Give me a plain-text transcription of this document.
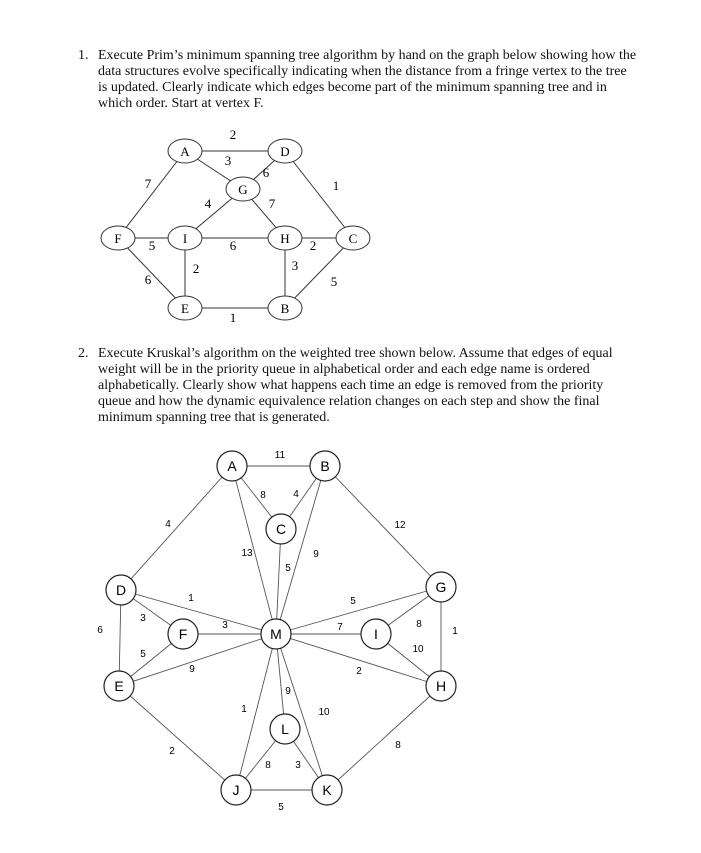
1. Execute Prim’s minimum spanning tree algorithm by hand on the graph below showing how the data structures evolve specifically indicating when the distance from a fringe vertex to the tree is updated. Clearly indicate which edges become part of the minimum spanning tree and in which order. Start at vertex F.
2. Execute Kruskal’s algorithm on the weighted tree shown below. Assume that edges of equal weight will be in the priority queue in alphabetical order and each edge name is ordered alphabetically. Clearly show what happens each time an edge is removed from the priority queue and how the dynamic equivalence relation changes on each step and show the final minimum spanning tree that is generated.
A	D
G
F	I	H	C
E	B
2
3
6
7	1
4	7
5	6	2
6
2	3
5
1
A	B
C
D
E
F	M	I
G
H
L
J	K
11
8	4
4	12
13
5
9
6
3
5
1
3
9
5
7
2
8
10
1
8
2
9
1	10
8 3
5
